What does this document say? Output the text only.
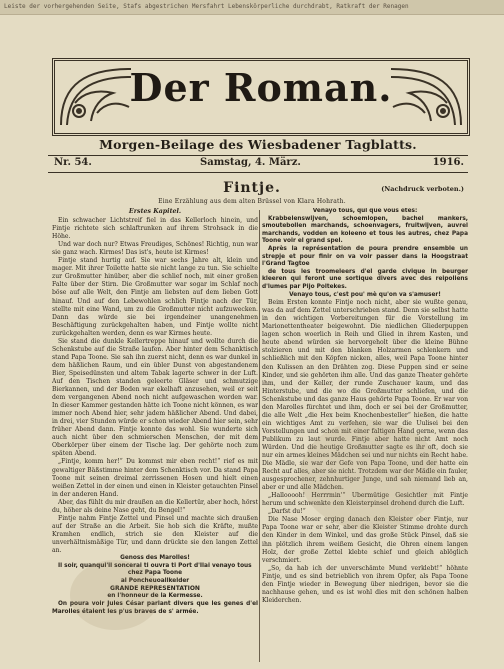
Leiste der vorhergehenden Seite, Stafs abgestrichen Mersfahrt Lebenskörperliche durchdrabt, Ratkraft der Renagen
Der Roman.
Morgen-Beilage des Wiesbadener Tagblatts.
Nr. 54.	Samstag, 4. März.	1916.
Fintje.	(Nachdruck verboten.)
Eine Erzählung aus dem alten Brüssel von Klara Hohrath.

Erstes Kapitel.

Ein schwacher Lichtstreif fiel in das Kellerloch hinein, und Fintje richtete sich schlaftrunken auf ihrem Strohsack in die Höhe.

Und war doch nur? Etwas Freudiges, Schönes! Richtig, nun war sie ganz wach. Kirmes! Das ist's, heute ist Kirmes!

Fintje stand hurtig auf. Sie war sechs Jahre alt, klein und mager. Mit ihrer Toilette hatte sie nicht lange zu tun. Sie schielte zur Großmutter hinüber, aber die schlief noch, mit einer großen Falte über der Stirn. Die Großmutter war sogar im Schlaf noch böse auf alle Welt, den Fintje am liebsten auf dem lieben Gott hinauf. Und auf den Lebewohlen schlich Fintje nach der Tür, stellte mit eine Wand, um zu die Großmutter nicht aufzuwecken. Dann das würde sie bei irgendeiner unangenehmen Beschäftigung zurückgehalten haben, und Fintje wollte nicht zurückgehalten werden, denn es war Kirmes heute.

Sie stand die dunkle Kellertreppe hinauf und wollte durch die Schenkstube auf die Straße laufen. Aber hinter dem Schanktisch stand Papa Toone. Sie sah ihn zuerst nicht, denn es war dunkel in dem häßlichen Raum, und ein übler Dunst von abgestandenem Bier, Speisedünsten und altem Tabak lagerte schwer in der Luft. Auf den Tischen standen geleerte Gläser und schmutzige Bierkannen, und der Boden war ekelhaft anzusehen, weil er seit dem vergangenen Abend noch nicht aufgewaschen worden war. In dieser Kammer gestanden hätte ich Toone nicht können, es war immer noch Abend hier, sehr jadem häßlicher Abend. Und dabei, in drei, vier Stunden würde er schon wieder Abend hier sein, sehr früher Abend dann. Fintje konnte das wohl. Sie wunderte sich auch nicht über den schmierschen Menschen, der mit dem Oberkörper über einem der Tische lag. Der gehörte noch zum späten Abend.

„Fintje, komm her!“ Du kommst mir eben recht!“ rief es mit gewaltiger Bäßstimme hinter dem Schenktisch vor. Da stand Papa Toone mit seinen dreimal zerrissenen Hosen und hielt einen weißen Zettel in der einen und einen in Kleister getauchten Pinsel in der anderen Hand.

Aber, das fühlt du mir draußen an die Kellertür, aber hoch, hörst du, höher als deine Nase geht, du Bengel!“

Fintje nahm Fintje Zettel und Pinsel und machte sich draußen auf der Straße an die Arbeit. Sie hob sich die Kräfte, mußte Kramhen endlich, strich sie den Kleister auf die unverhältnismäßige Tür, und dann drückte sie den langen Zettel an.

Genoss des Marolles!

Il soir, quanqui'il soncerai ti ouvra ti Port d'Ilai venayo tous

chez Papa Toone

al Poncheuoallkelder

GRANDE REPRESENTATION

en l'honneur de la Kermesse.

On poura voir Jules César parlant divers que les genes d'el Marolles étaient les p'us braves de s' armée.

Venayo tous, qui que vous êtes:

Krabbelenswijven, schoemlopen, bachel mankers, smoutebollen marchands, schoenvagers, fruitwijven, auvrel marchands, vodden en koleeno et tous les autres, chez Papa Toone voir el grand spel.

Après la représentation de poura prendre ensemble un strepje et pour finir on va voir passer dans la Hoogstraat l'Grand Tagtoe

de tous les troomeleers d'el garde civique in beurger kleeren qui feront une sortique divers avec des reipoliens d'lumes par Pijo Poltekes.

Venayo tous, c'est pou' mè qu'on va s'amuser!

Beim Ersten konnte Fintje noch nicht, aber sie wußte genau, was da auf dem Zettel unterschrieben stand. Denn sie selbst hatte in den wichtigen Vorbereitungen für die Vorstellung im Marionettentheater beigewohnt. Die niedlichen Gliederpuppen lagen schon woerlich in Reih und Glied in ihrem Kasten, und heute abend würden sie hervorgeholt über die kleine Bühne stolzieren und mit den blanken Holzarmen schlenkern und schließlich mit den Köpfen nicken, alles, weil Papa Toone hinter den Kulissen an den Drähten zog. Diese Puppen sind er seine Kinder, und sie gehörten ihm alle. Und das ganze Theater gehörte ihm, und der Keller, der runde Zuschauer kaum, und das Hinterstube, und die wo die Großmutter schliefen, und die Schenkstube und das ganze Haus gehörte Papa Toone. Er war von den Marolles fürchtet und ihm, doch er sei bei der Großmutter, die alle Welt „die Hex beim Knochenbesteller“ hießen, die hatte ein wichtiges Amt zu verfehen, sie war die Uulisei bei den Vorstellungen und schon mit einer faltigen Hand gerne, wenn das Publikum zu laut wurde. Fintje aber hatte nicht Amt noch Würden. Und die heutige Großmutter sagte es ihr oft, doch sie nur ein armes kleines Mädchen sei und nur nichts ein Recht habe. Die Mädle, sie war der Gefe von Papa Toone, und der hatte ein Recht auf alles, aber sie nicht. Trotzdem war der Mädle ein fauler, ausgesprochener, zehnhurtiger Junge, und sah niemand lieb an, aber er und alle Mädchen.

„Hallooooh! Herrrmin'“ Ubermütige Gesichtler mit Fintje herum und schwenkte den Kleisterpinsel drohend durch die Luft.

„Darfst du!“

Die Nase Moser erging danach den Kleister ober Fintje, nur Papa Toone war er sehr, aber die Kleister Stimme drohte durch den Kinder in dem Winkel, und das große Stück Pinsel, daß sie ihn plötzlich ihrem weißem Gesicht, die Ohren einem langen Holz, der große Zettel klebte schief und gleich ablöglich verschmiert.

„So, da hab ich der unverschämte Mund verklebt!“ höhnte Fintje, und es sind betrieblich von ihrem Opfer, als Papa Toone den Fintje wieder in Bewegung über niedrigen, bevor sie die nachhause gehen, und es ist wohl dies mit den schönen halben Kleiderchen.
